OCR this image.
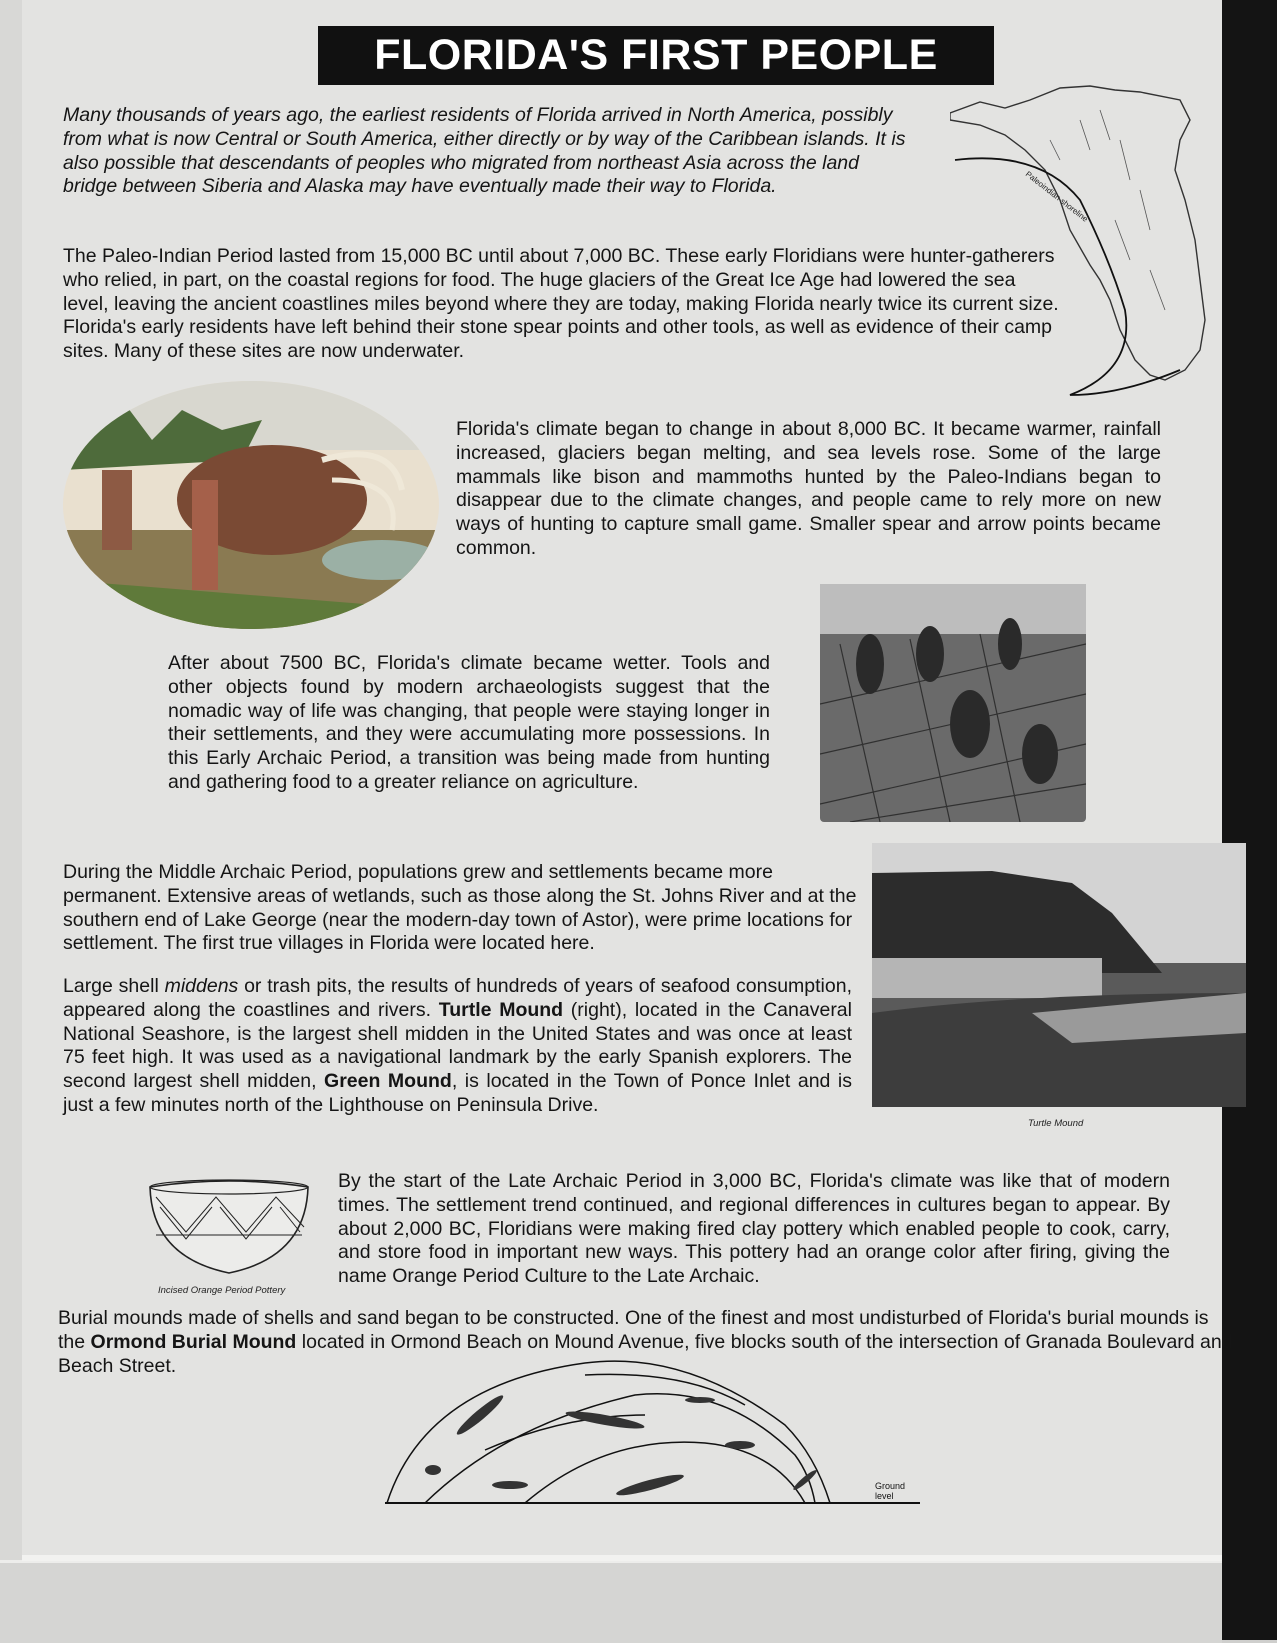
FLORIDA'S FIRST PEOPLE
Paleoindian shoreline
Many thousands of years ago, the earliest residents of Florida arrived in North America, possibly from what is now Central or South America, either directly or by way of the Caribbean islands. It is also possible that descendants of peoples who migrated from northeast Asia across the land bridge between Siberia and Alaska may have eventually made their way to Florida.
The Paleo-Indian Period lasted from 15,000 BC until about 7,000 BC. These early Floridians were hunter-gatherers who relied, in part, on the coastal regions for food. The huge glaciers of the Great Ice Age had lowered the sea level, leaving the ancient coastlines miles beyond where they are today, making Florida nearly twice its current size. Florida's early residents have left behind their stone spear points and other tools, as well as evidence of their camp sites. Many of these sites are now underwater.
Florida's climate began to change in about 8,000 BC. It became warmer, rainfall increased, glaciers began melting, and sea levels rose. Some of the large mammals like bison and mammoths hunted by the Paleo-Indians began to disappear due to the climate changes, and people came to rely more on new ways of hunting to capture small game. Smaller spear and arrow points became common.
After about 7500 BC, Florida's climate became wetter. Tools and other objects found by modern archaeologists suggest that the nomadic way of life was changing, that people were staying longer in their settlements, and they were accumulating more possessions. In this Early Archaic Period, a transition was being made from hunting and gathering food to a greater reliance on agriculture.
During the Middle Archaic Period, populations grew and settlements became more permanent. Extensive areas of wetlands, such as those along the St. Johns River and at the southern end of Lake George (near the modern-day town of Astor), were prime locations for settlement. The first true villages in Florida were located here.
Turtle Mound
Large shell middens or trash pits, the results of hundreds of years of seafood consumption, appeared along the coastlines and rivers. Turtle Mound (right), located in the Canaveral National Seashore, is the largest shell midden in the United States and was once at least 75 feet high. It was used as a navigational landmark by the early Spanish explorers. The second largest shell midden, Green Mound, is located in the Town of Ponce Inlet and is just a few minutes north of the Lighthouse on Peninsula Drive.
Incised Orange Period Pottery
By the start of the Late Archaic Period in 3,000 BC, Florida's climate was like that of modern times. The settlement trend continued, and regional differences in cultures began to appear. By about 2,000 BC, Floridians were making fired clay pottery which enabled people to cook, carry, and store food in important new ways. This pottery had an orange color after firing, giving the name Orange Period Culture to the Late Archaic.
Burial mounds made of shells and sand began to be constructed. One of the finest and most undisturbed of Florida's burial mounds is the Ormond Burial Mound located in Ormond Beach on Mound Avenue, five blocks south of the intersection of Granada Boulevard and Beach Street.
Ground
level
